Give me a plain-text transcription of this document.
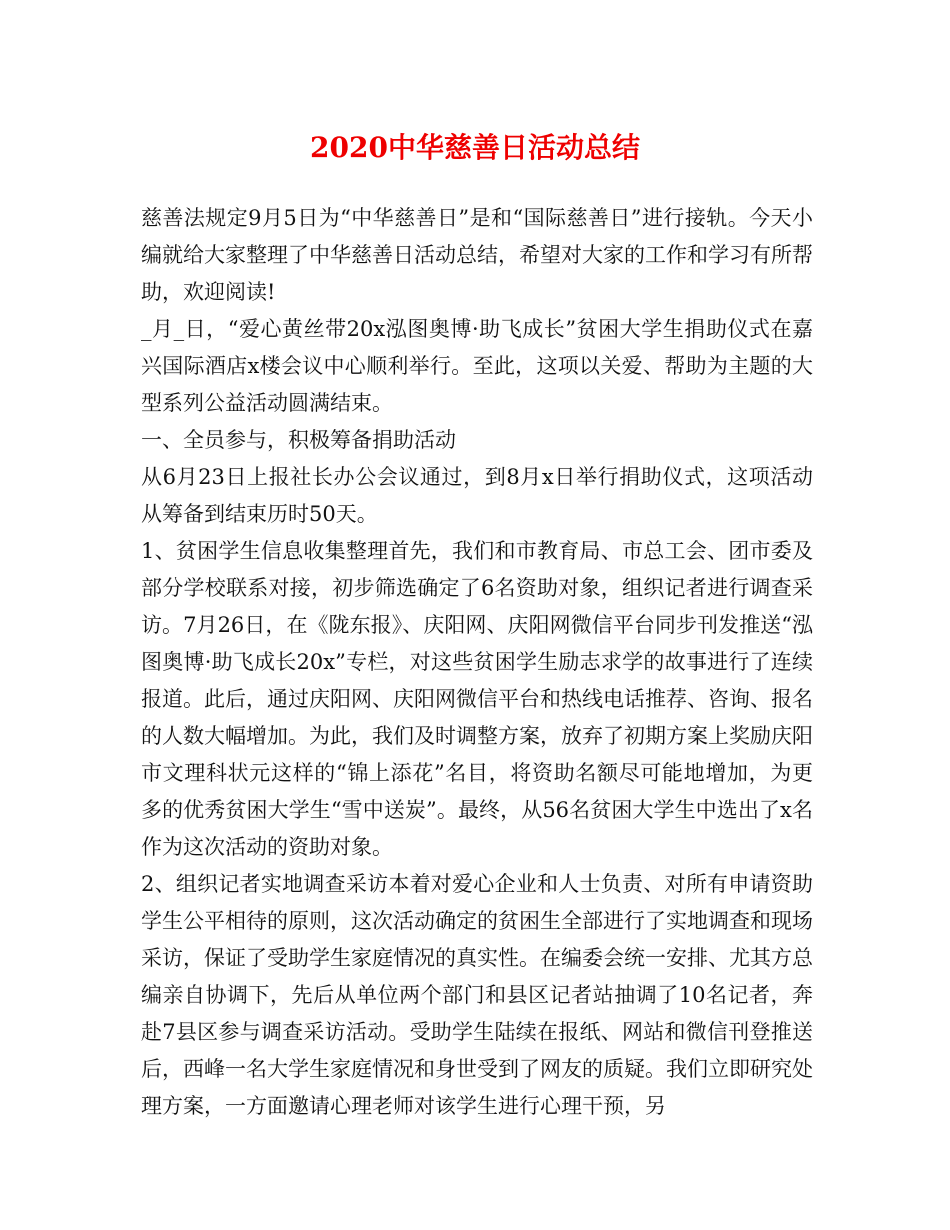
2020中华慈善日活动总结

慈善法规定9月5日为“中华慈善日”是和“国际慈善日”进行接轨。今天小编就给大家整理了中华慈善日活动总结，希望对大家的工作和学习有所帮助，欢迎阅读!

_月_日，“爱心黄丝带20x泓图奥博·助飞成长”贫困大学生捐助仪式在嘉兴国际酒店x楼会议中心顺利举行。至此，这项以关爱、帮助为主题的大型系列公益活动圆满结束。

一、全员参与，积极筹备捐助活动

从6月23日上报社长办公会议通过，到8月x日举行捐助仪式，这项活动从筹备到结束历时50天。

1、贫困学生信息收集整理首先，我们和市教育局、市总工会、团市委及部分学校联系对接，初步筛选确定了6名资助对象，组织记者进行调查采访。7月26日，在《陇东报》、庆阳网、庆阳网微信平台同步刊发推送“泓图奥博·助飞成长20x”专栏，对这些贫困学生励志求学的故事进行了连续报道。此后，通过庆阳网、庆阳网微信平台和热线电话推荐、咨询、报名的人数大幅增加。为此，我们及时调整方案，放弃了初期方案上奖励庆阳市文理科状元这样的“锦上添花”名目，将资助名额尽可能地增加，为更多的优秀贫困大学生“雪中送炭”。最终，从56名贫困大学生中选出了x名作为这次活动的资助对象。

2、组织记者实地调查采访本着对爱心企业和人士负责、对所有申请资助学生公平相待的原则，这次活动确定的贫困生全部进行了实地调查和现场采访，保证了受助学生家庭情况的真实性。在编委会统一安排、尤其方总编亲自协调下，先后从单位两个部门和县区记者站抽调了10名记者，奔赴7县区参与调查采访活动。受助学生陆续在报纸、网站和微信刊登推送后，西峰一名大学生家庭情况和身世受到了网友的质疑。我们立即研究处理方案，一方面邀请心理老师对该学生进行心理干预，另
